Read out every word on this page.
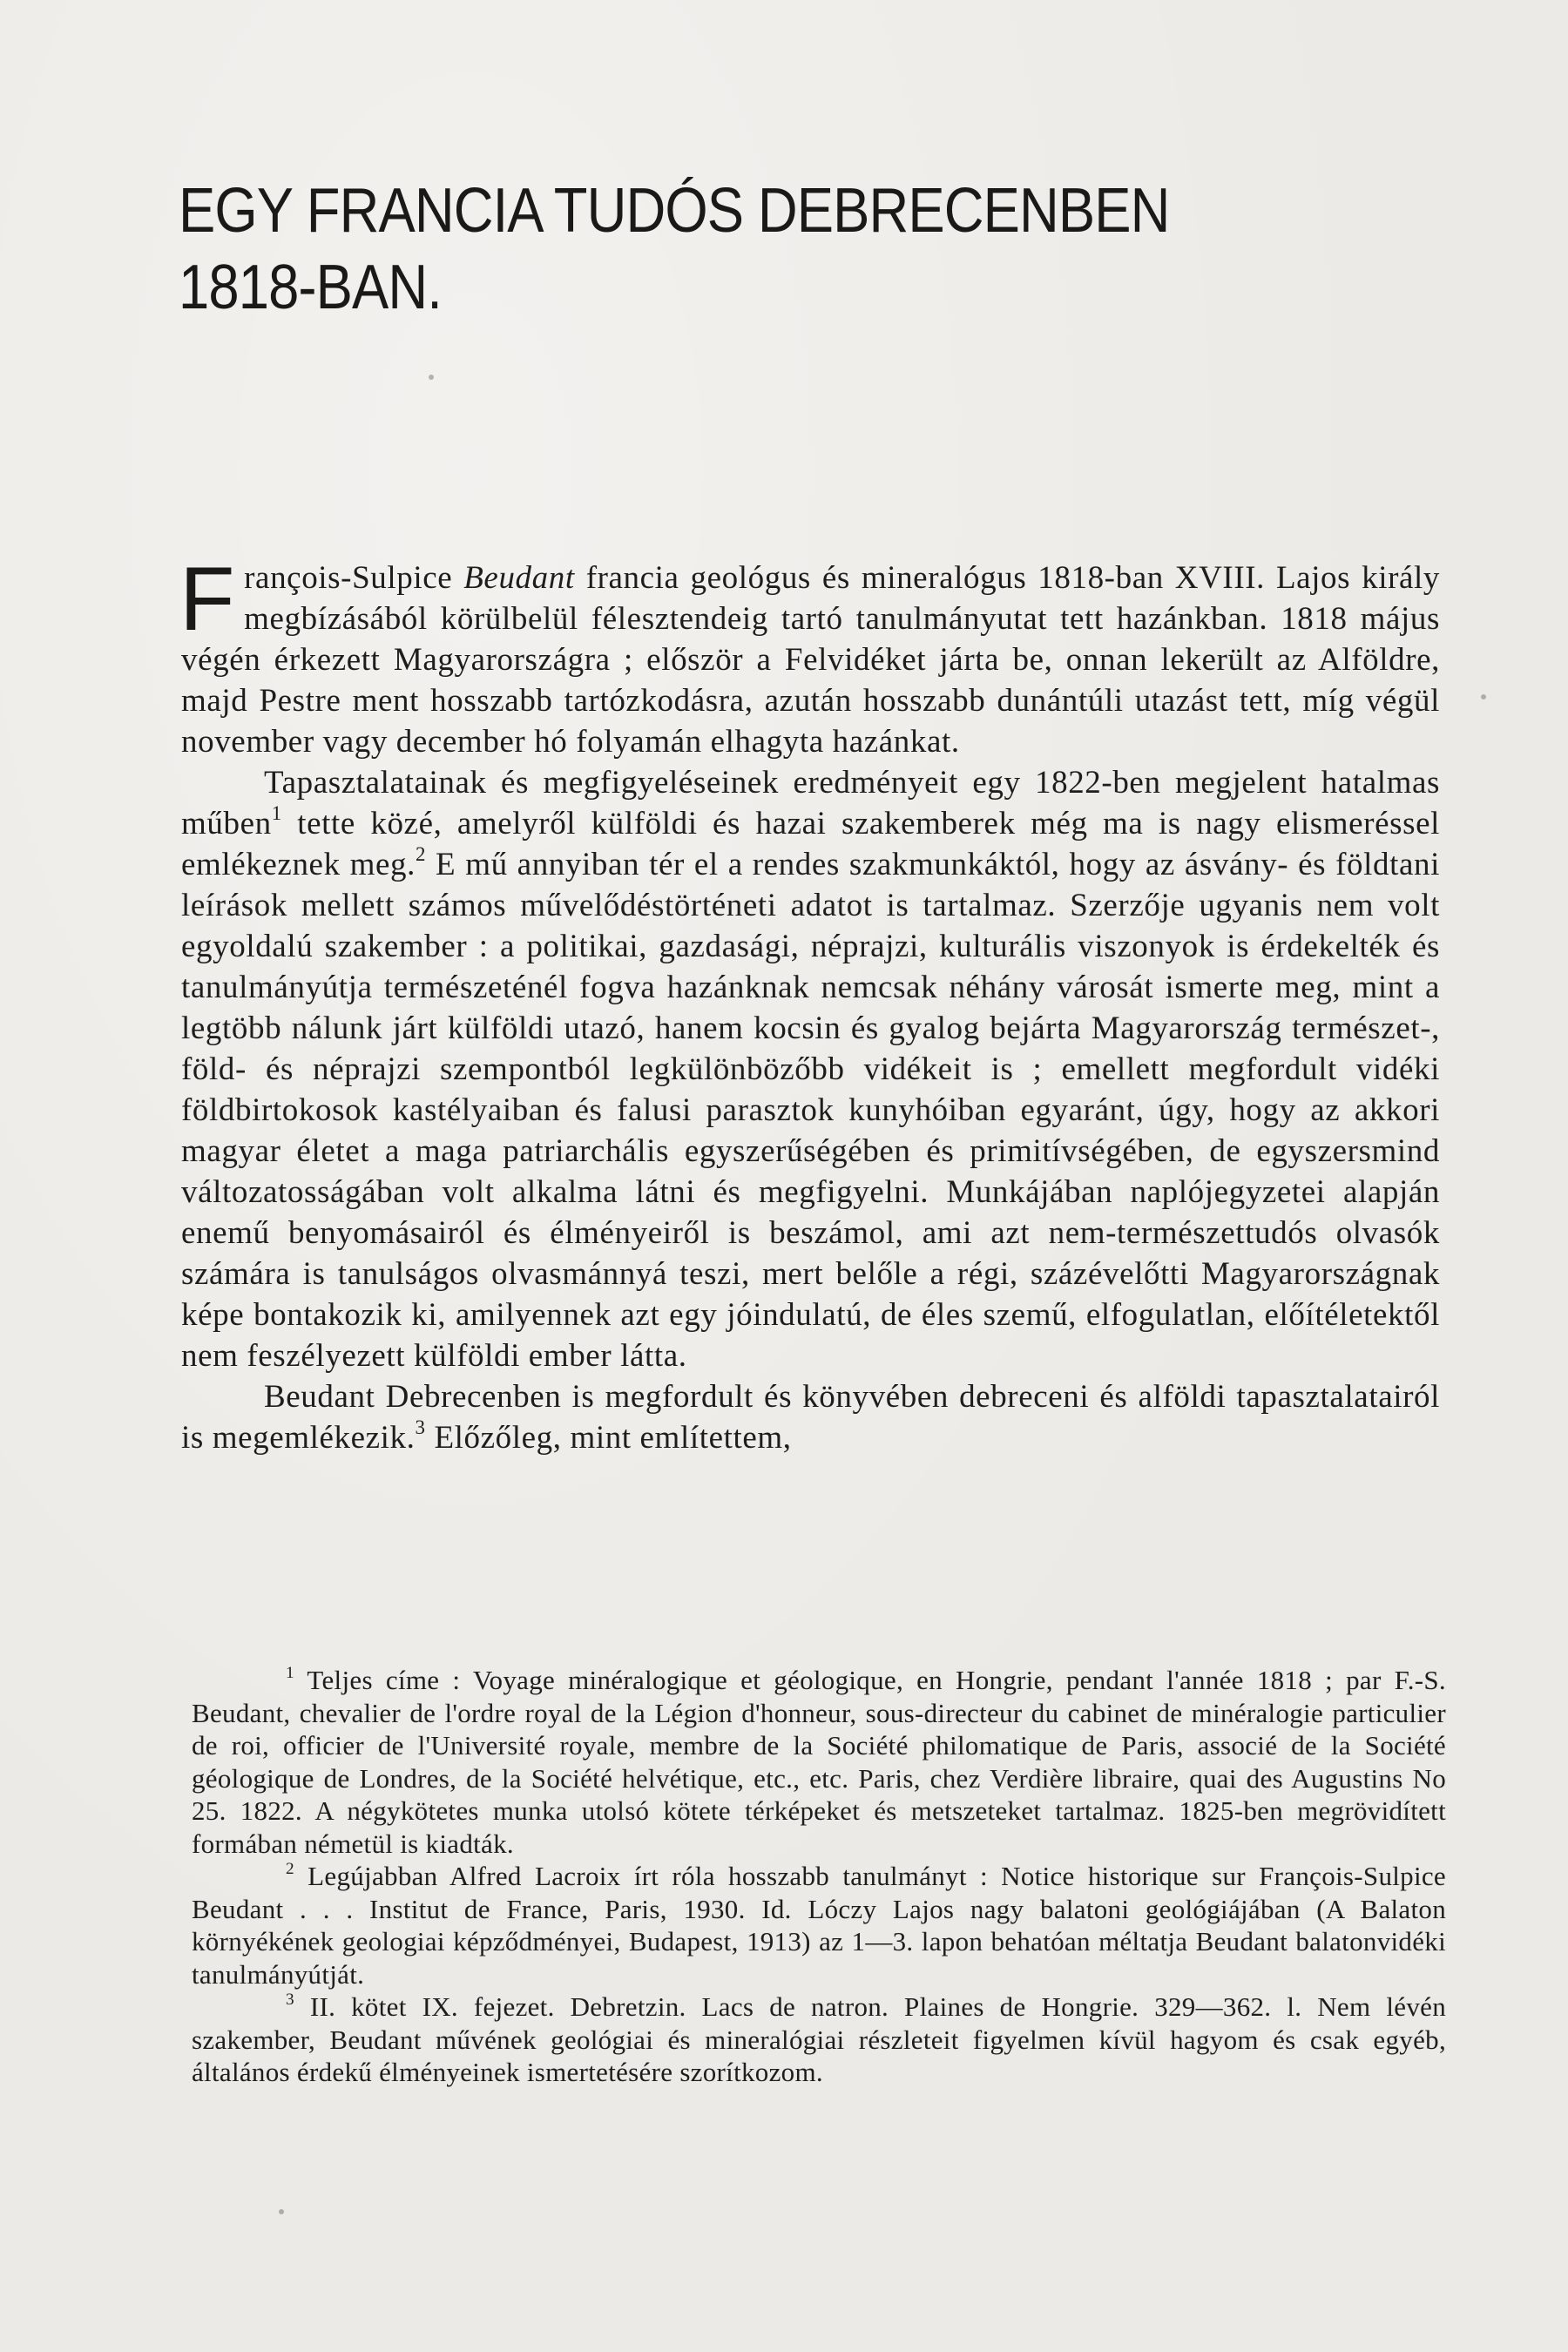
EGY FRANCIA TUDÓS DEBRECENBEN
1818-BAN.

François-Sulpice Beudant francia geológus és mineralógus 1818-ban XVIII. Lajos király megbízásából körülbelül félesztendeig tartó tanulmányutat tett hazánkban. 1818 május végén érkezett Magyarországra ; először a Felvidéket járta be, onnan lekerült az Alföldre, majd Pestre ment hosszabb tartózkodásra, azután hosszabb dunántúli utazást tett, míg végül november vagy december hó folyamán elhagyta hazánkat.

Tapasztalatainak és megfigyeléseinek eredményeit egy 1822-ben megjelent hatalmas műben$^1$ tette közé, amelyről külföldi és hazai szakemberek még ma is nagy elismeréssel emlékeznek meg.$^2$ E mű annyiban tér el a rendes szakmunkáktól, hogy az ásvány- és földtani leírások mellett számos művelődéstörténeti adatot is tartalmaz. Szerzője ugyanis nem volt egyoldalú szakember : a politikai, gazdasági, néprajzi, kulturális viszonyok is érdekelték és tanulmányútja természeténél fogva hazánknak nemcsak néhány városát ismerte meg, mint a legtöbb nálunk járt külföldi utazó, hanem kocsin és gyalog bejárta Magyarország természet-, föld- és néprajzi szempontból legkülönbözőbb vidékeit is ; emellett megfordult vidéki földbirtokosok kastélyaiban és falusi parasztok kunyhóiban egyaránt, úgy, hogy az akkori magyar életet a maga patriarchális egyszerűségében és primitívségében, de egyszersmind változatosságában volt alkalma látni és megfigyelni. Munkájában naplójegyzetei alapján enemű benyomásairól és élményeiről is beszámol, ami azt nem-természettudós olvasók számára is tanulságos olvasmánnyá teszi, mert belőle a régi, százévelőtti Magyarországnak képe bontakozik ki, amilyennek azt egy jóindulatú, de éles szemű, elfogulatlan, előítéletektől nem feszélyezett külföldi ember látta.

Beudant Debrecenben is megfordult és könyvében debreceni és alföldi tapasztalatairól is megemlékezik.$^3$ Előzőleg, mint említettem,

$^1$ Teljes címe : Voyage minéralogique et géologique, en Hongrie, pendant l'année 1818 ; par F.-S. Beudant, chevalier de l'ordre royal de la Légion d'honneur, sous-directeur du cabinet de minéralogie particulier de roi, officier de l'Université royale, membre de la Société philomatique de Paris, associé de la Société géologique de Londres, de la Société helvétique, etc., etc. Paris, chez Verdière libraire, quai des Augustins No 25. 1822. A négykötetes munka utolsó kötete térképeket és metszeteket tartalmaz. 1825-ben megrövidített formában németül is kiadták.

$^2$ Legújabban Alfred Lacroix írt róla hosszabb tanulmányt : Notice historique sur François-Sulpice Beudant . . . Institut de France, Paris, 1930. Id. Lóczy Lajos nagy balatoni geológiájában (A Balaton környékének geologiai képződményei, Budapest, 1913) az 1—3. lapon behatóan méltatja Beudant balatonvidéki tanulmányútját.

$^3$ II. kötet IX. fejezet. Debretzin. Lacs de natron. Plaines de Hongrie. 329—362. l. Nem lévén szakember, Beudant művének geológiai és mineralógiai részleteit figyelmen kívül hagyom és csak egyéb, általános érdekű élményeinek ismertetésére szorítkozom.
